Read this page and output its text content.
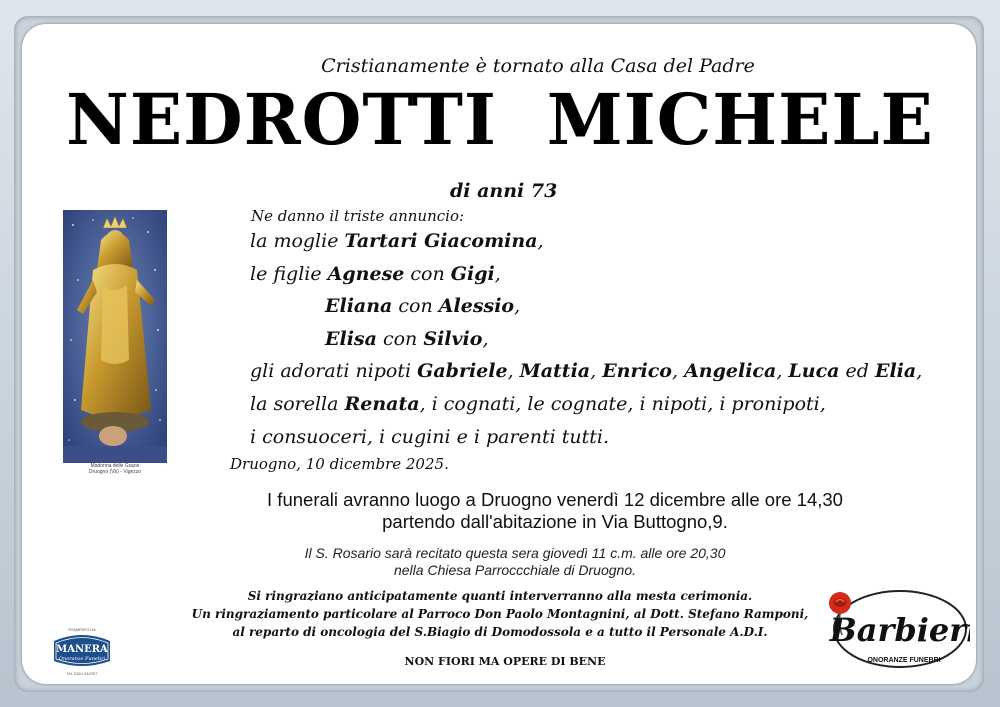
Cristianamente è tornato alla Casa del Padre
NEDROTTI  MICHELE
di anni 73
Ne danno il triste annuncio:
la moglie Tartari Giacomina,
le figlie Agnese con Gigi,
Eliana con Alessio,
Elisa con Silvio,
gli adorati nipoti Gabriele, Mattia, Enrico, Angelica, Luca ed Elia,
la sorella Renata, i cognati, le cognate, i nipoti, i pronipoti,
i consuoceri, i cugini e i parenti tutti.
Druogno, 10 dicembre 2025.
I funerali avranno luogo a Druogno venerdì 12 dicembre alle ore 14,30
partendo dall'abitazione in Via Buttogno,9.
Il S. Rosario sarà recitato questa sera giovedì 11 c.m. alle ore 20,30
nella Chiesa Parroccchiale di Druogno.
Si ringraziano anticipatamente quanti interverranno alla mesta cerimonia.
Un ringraziamento particolare al Parroco Don Paolo Montagnini, al Dott. Stefano Ramponi,
al reparto di oncologia del S.Biagio di Domodossola e a tutto il Personale A.D.I.
NON FIORI MA OPERE DI BENE
Madonna delle Grazie
Druogno (Vb) - Vigezzo
STAMPATO DA
MANERA
Onoranze Funebri
Tel. 0324 242097
Barbieri
ONORANZE FUNEBRI
